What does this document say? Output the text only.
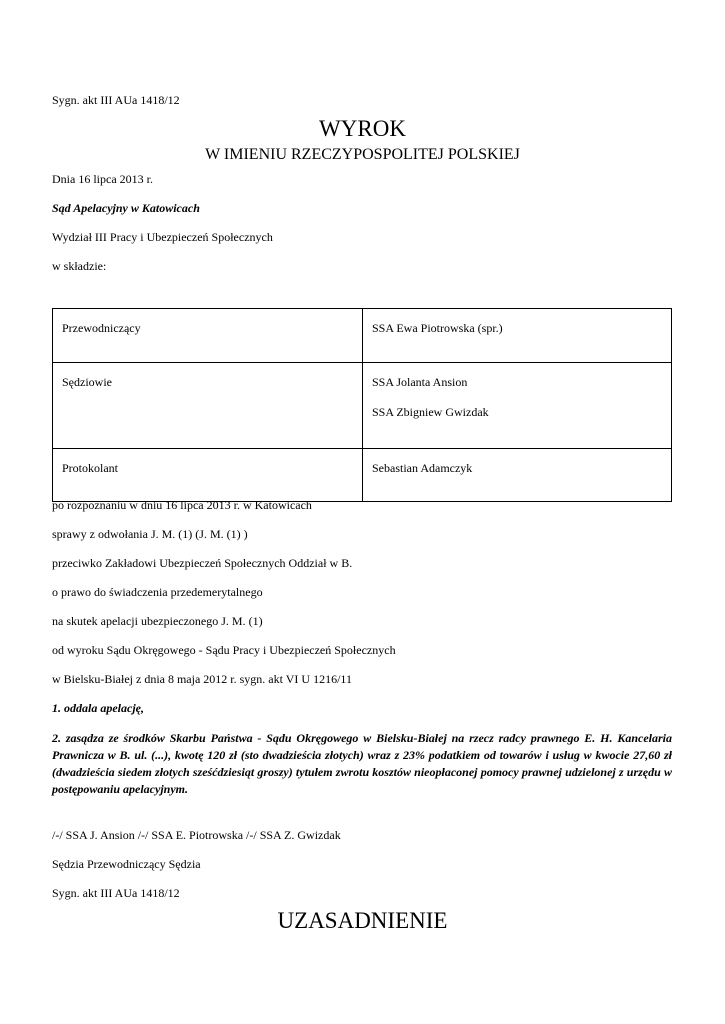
Sygn. akt III AUa 1418/12
WYROK
W IMIENIU RZECZYPOSPOLITEJ POLSKIEJ
Dnia 16 lipca 2013 r.
Sąd Apelacyjny w Katowicach
Wydział III Pracy i Ubezpieczeń Społecznych
w składzie:
Przewodniczący	SSA Ewa Piotrowska (spr.)

Sędziowie	SSA Jolanta Ansion
SSA Zbigniew Gwizdak

Protokolant	Sebastian Adamczyk
po rozpoznaniu w dniu 16 lipca 2013 r. w Katowicach
sprawy z odwołania J. M. (1) (J. M. (1) )
przeciwko Zakładowi Ubezpieczeń Społecznych Oddział w B.
o prawo do świadczenia przedemerytalnego
na skutek apelacji ubezpieczonego J. M. (1)
od wyroku Sądu Okręgowego - Sądu Pracy i Ubezpieczeń Społecznych
w Bielsku-Białej z dnia 8 maja 2012 r. sygn. akt VI U 1216/11
1. oddala apelację,
2. zasądza ze środków Skarbu Państwa - Sądu Okręgowego w Bielsku-Białej na rzecz radcy prawnego E. H. Kancelaria Prawnicza w B. ul. (...), kwotę 120 zł (sto dwadzieścia złotych) wraz z 23% podatkiem od towarów i usług w kwocie 27,60 zł (dwadzieścia siedem złotych sześćdziesiąt groszy) tytułem zwrotu kosztów nieopłaconej pomocy prawnej udzielonej z urzędu w postępowaniu apelacyjnym.
/-/ SSA J. Ansion /-/ SSA E. Piotrowska /-/ SSA Z. Gwizdak
Sędzia Przewodniczący Sędzia
Sygn. akt III AUa 1418/12
UZASADNIENIE
